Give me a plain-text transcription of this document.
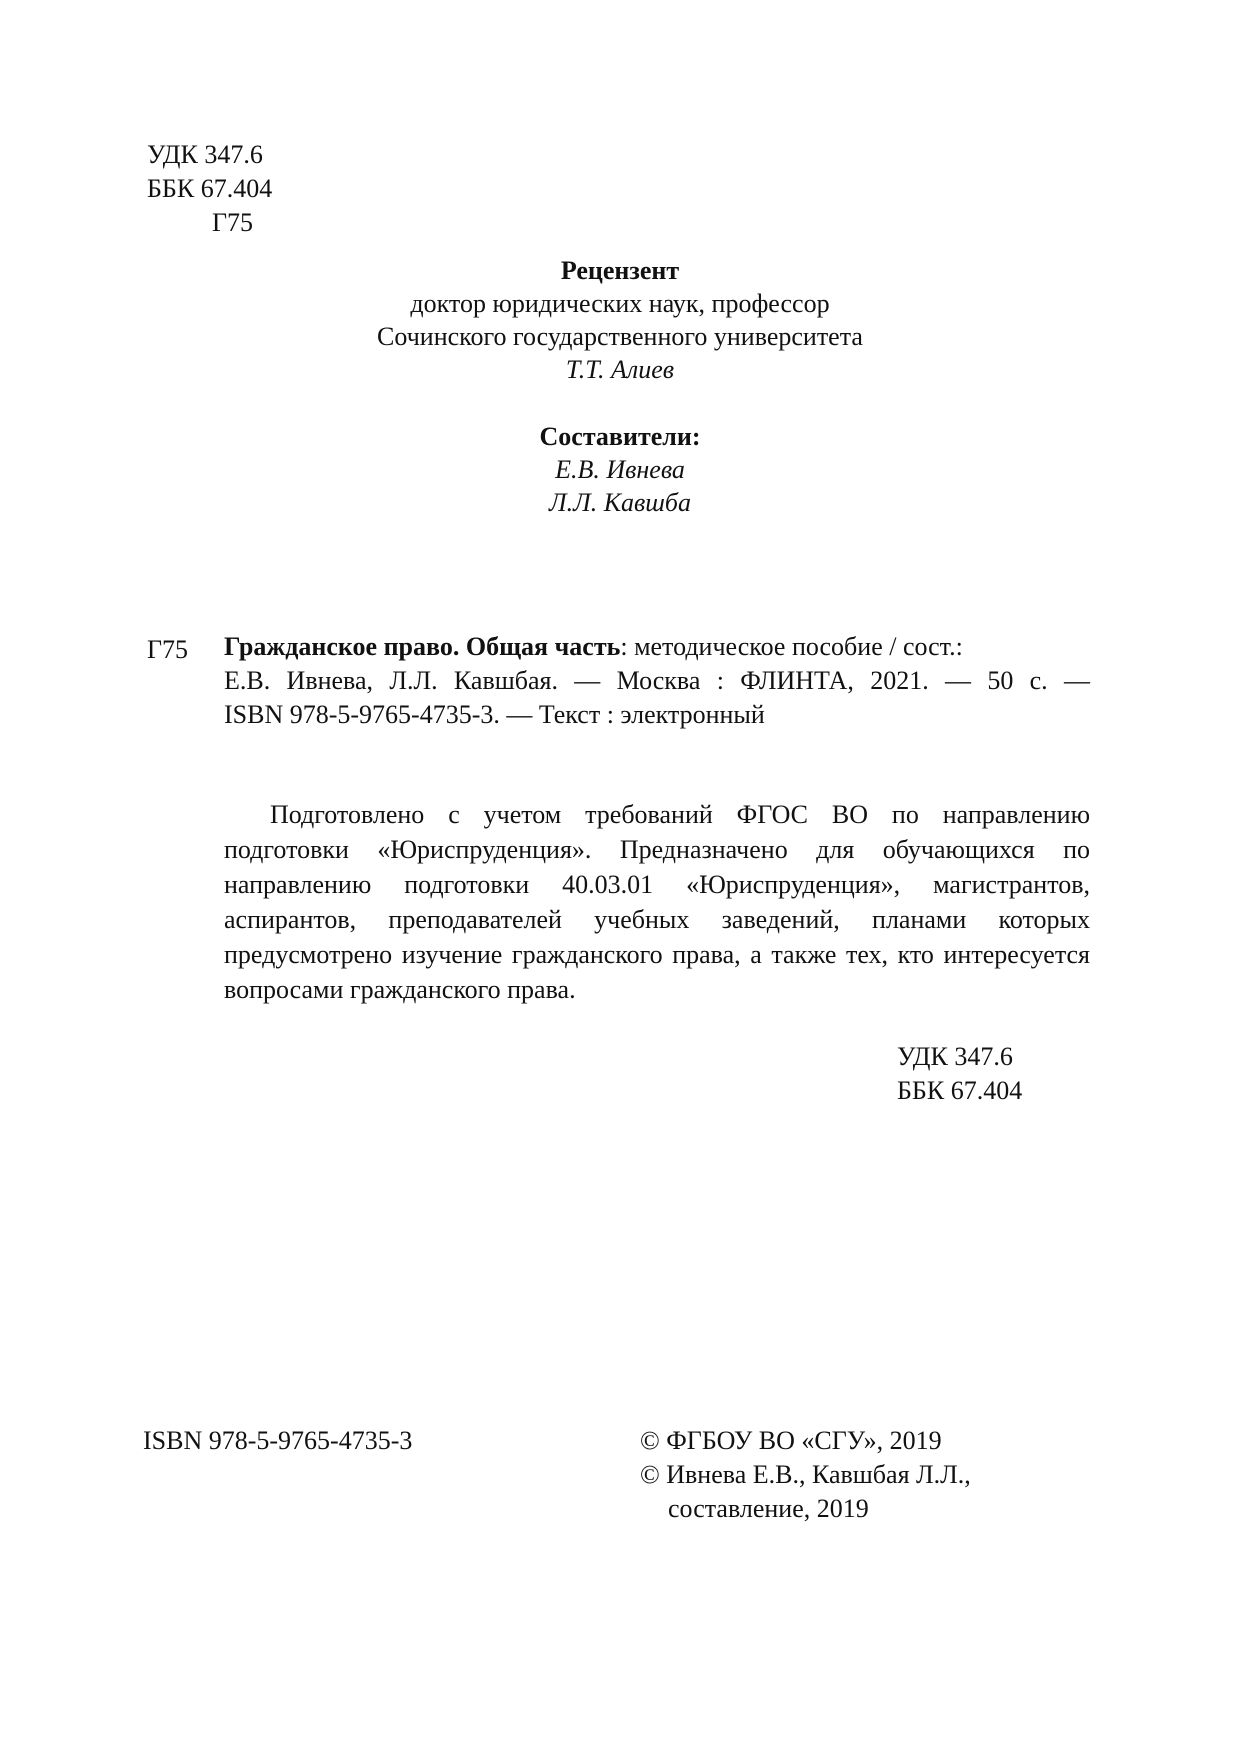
УДК 347.6
ББК 67.404
Г75
Рецензент
доктор юридических наук, профессор
Сочинского государственного университета
Т.Т. Алиев
Составители:
Е.В. Ивнева
Л.Л. Кавшба
Г75 Гражданское право. Общая часть: методическое пособие / сост.:
Е.В. Ивнева, Л.Л. Кавшбая. — Москва : ФЛИНТА, 2021. — 50 с. —
ISBN 978-5-9765-4735-3. — Текст : электронный
Подготовлено с учетом требований ФГОС ВО по направлению подготовки «Юриспруденция». Предназначено для обучающихся по направлению подготовки 40.03.01 «Юриспруденция», магистрантов, аспирантов, преподавателей учебных заведений, планами которых предусмотрено изучение гражданского права, а также тех, кто интересуется вопросами гражданского права.
УДК 347.6
ББК 67.404
ISBN 978-5-9765-4735-3	© ФГБОУ ВО «СГУ», 2019
© Ивнева Е.В., Кавшбая Л.Л.,
составление, 2019
